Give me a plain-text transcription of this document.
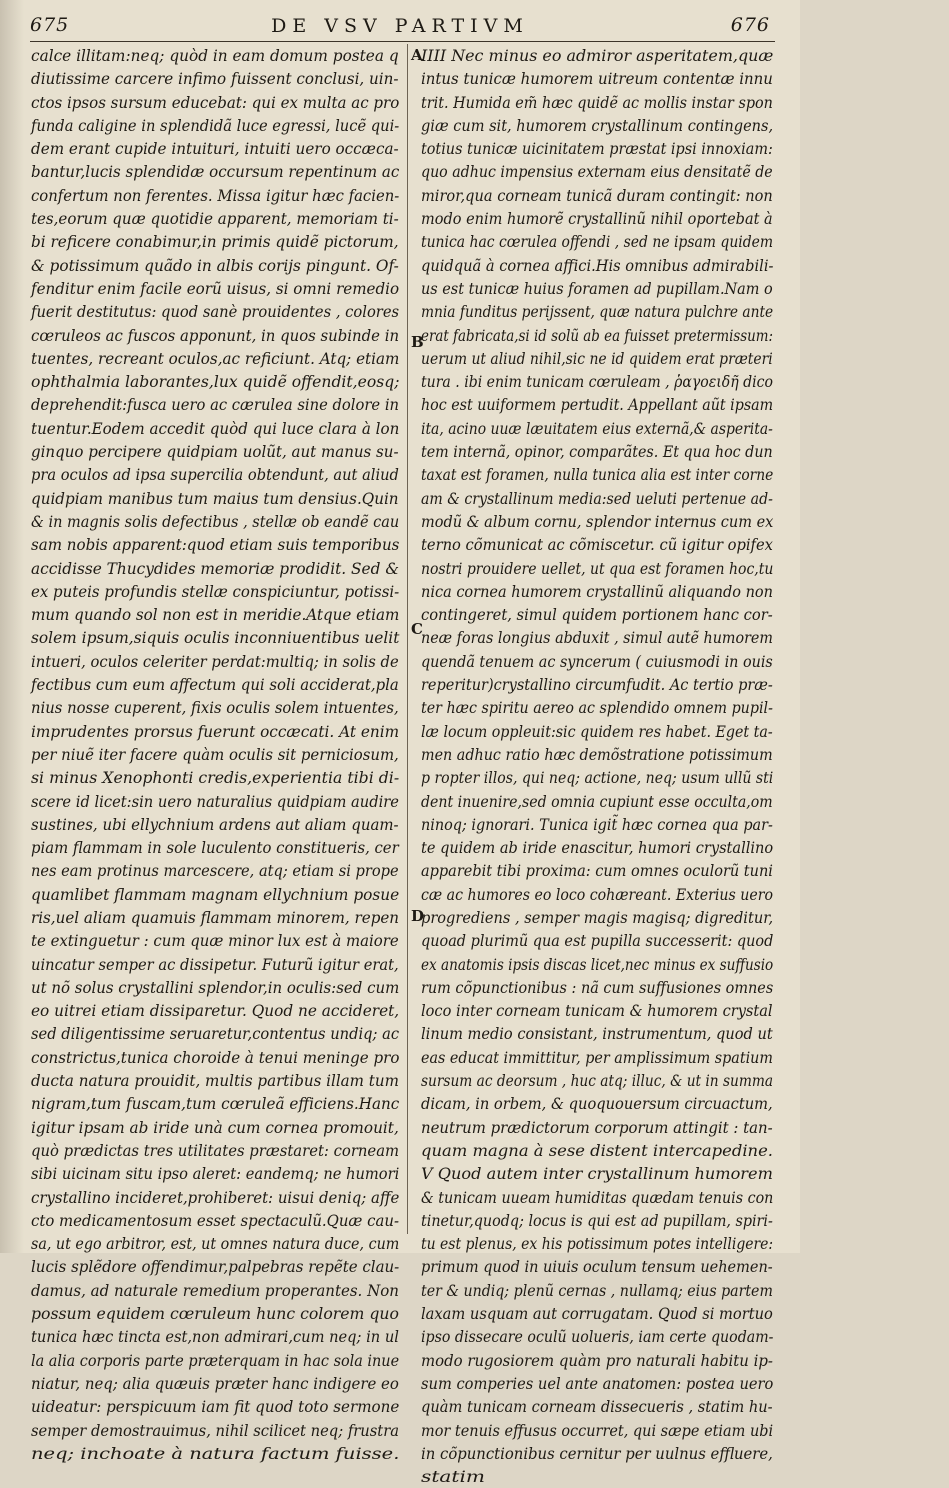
675	DE VSV PARTIVM	676
calce illitam:neq; quòd in eam domum postea q
diutissime carcere infimo fuissent conclusi, uin-
ctos ipsos sursum educebat: qui ex multa ac pro
funda caligine in splendidã luce egressi, lucẽ qui-
dem erant cupide intuituri, intuiti uero occæca-
bantur,lucis splendidæ occursum repentinum ac
confertum non ferentes. Missa igitur hæc facien-
tes,eorum quæ quotidie apparent, memoriam ti-
bi reficere conabimur,in primis quidẽ pictorum,
& potissimum quãdo in albis corijs pingunt. Of-
fenditur enim facile eorũ uisus, si omni remedio
fuerit destitutus: quod sanè prouidentes , colores
cœruleos ac fuscos apponunt, in quos subinde in
tuentes, recreant oculos,ac reficiunt. Atq; etiam
ophthalmia laborantes,lux quidẽ offendit,eosq;
deprehendit:fusca uero ac cærulea sine dolore in
tuentur.Eodem accedit quòd qui luce clara à lon
ginquo percipere quidpiam uolũt, aut manus su-
pra oculos ad ipsa supercilia obtendunt, aut aliud
quidpiam manibus tum maius tum densius.Quin
& in magnis solis defectibus , stellæ ob eandẽ cau
sam nobis apparent:quod etiam suis temporibus
accidisse Thucydides memoriæ prodidit. Sed &
ex puteis profundis stellæ conspiciuntur, potissi-
mum quando sol non est in meridie.Atque etiam
solem ipsum,siquis oculis inconniuentibus uelit
intueri, oculos celeriter perdat:multiq; in solis de
fectibus cum eum affectum qui soli acciderat,pla
nius nosse cuperent, fixis oculis solem intuentes,
imprudentes prorsus fuerunt occæcati. At enim
per niuẽ iter facere quàm oculis sit perniciosum,
si minus Xenophonti credis,experientia tibi di-
scere id licet:sin uero naturalius quidpiam audire
sustines, ubi ellychnium ardens aut aliam quam-
piam flammam in sole luculento constitueris, cer
nes eam protinus marcescere, atq; etiam si prope
quamlibet flammam magnam ellychnium posue
ris,uel aliam quamuis flammam minorem, repen
te extinguetur : cum quæ minor lux est à maiore
uincatur semper ac dissipetur. Futurũ igitur erat,
ut nõ solus crystallini splendor,in oculis:sed cum
eo uitrei etiam dissiparetur. Quod ne accideret,
sed diligentissime seruaretur,contentus undiq; ac
constrictus,tunica choroide à tenui meninge pro
ducta natura prouidit, multis partibus illam tum
nigram,tum fuscam,tum cœruleã efficiens.Hanc
igitur ipsam ab iride unà cum cornea promouit,
quò prædictas tres utilitates præstaret: corneam
sibi uicinam situ ipso aleret: eandemq; ne humori
crystallino incideret,prohiberet: uisui deniq; affe
cto medicamentosum esset spectaculũ.Quæ cau-
sa, ut ego arbitror, est, ut omnes natura duce, cum
lucis splẽdore offendimur,palpebras repẽte clau-
damus, ad naturale remedium properantes. Non
possum equidem cœruleum hunc colorem quo
tunica hæc tincta est,non admirari,cum neq; in ul
la alia corporis parte præterquam in hac sola inue
niatur, neq; alia quæuis præter hanc indigere eo
uideatur: perspicuum iam fit quod toto sermone
semper demostrauimus, nihil scilicet neq; frustra
neq; inchoate à natura factum fuisse.
IIII Nec minus eo admiror asperitatem,quæ
intus tunicæ humorem uitreum contentæ innu
trit. Humida em̃ hæc quidẽ ac mollis instar spon
giæ cum sit, humorem crystallinum contingens,
totius tunicæ uicinitatem præstat ipsi innoxiam:
quo adhuc impensius externam eius densitatẽ de
miror,qua corneam tunicã duram contingit: non
modo enim humorẽ crystallinũ nihil oportebat à
tunica hac cœrulea offendi , sed ne ipsam quidem
quidquã à cornea affici.His omnibus admirabili-
us est tunicæ huius foramen ad pupillam.Nam o
mnia funditus perijssent, quæ natura pulchre ante
erat fabricata,si id solũ ab ea fuisset pretermissum:
uerum ut aliud nihil,sic ne id quidem erat præteri
tura . ibi enim tunicam cœruleam , ῥαγοειδῆ dico
hoc est uuiformem pertudit. Appellant aũt ipsam
ita, acino uuæ læuitatem eius externã,& asperita-
tem internã, opinor, comparãtes. Et qua hoc dun
taxat est foramen, nulla tunica alia est inter corne
am & crystallinum media:sed ueluti pertenue ad-
modũ & album cornu, splendor internus cum ex
terno cõmunicat ac cõmiscetur. cũ igitur opifex
nostri prouidere uellet, ut qua est foramen hoc,tu
nica cornea humorem crystallinũ aliquando non
contingeret, simul quidem portionem hanc cor-
neæ foras longius abduxit , simul autẽ humorem
quendã tenuem ac syncerum ( cuiusmodi in ouis
reperitur)crystallino circumfudit. Ac tertio præ-
ter hæc spiritu aereo ac splendido omnem pupil-
læ locum oppleuit:sic quidem res habet. Eget ta-
men adhuc ratio hæc demõstratione potissimum
p ropter illos, qui neq; actione, neq; usum ullũ sti
dent inuenire,sed omnia cupiunt esse occulta,om
ninoq; ignorari. Tunica igit̃ hæc cornea qua par-
te quidem ab iride enascitur, humori crystallino
apparebit tibi proxima: cum omnes oculorũ tuni
cæ ac humores eo loco cohæreant. Exterius uero
progrediens , semper magis magisq; digreditur,
quoad plurimũ qua est pupilla successerit: quod
ex anatomis ipsis discas licet,nec minus ex suffusio
rum cõpunctionibus : nã cum suffusiones omnes
loco inter corneam tunicam & humorem crystal
linum medio consistant, instrumentum, quod ut
eas educat immittitur, per amplissimum spatium
sursum ac deorsum , huc atq; illuc, & ut in summa
dicam, in orbem, & quoquouersum circuactum,
neutrum prædictorum corporum attingit : tan-
quam magna à sese distent intercapedine.
V Quod autem inter crystallinum humorem
& tunicam uueam humiditas quædam tenuis con
tinetur,quodq; locus is qui est ad pupillam, spiri-
tu est plenus, ex his potissimum potes intelligere:
primum quod in uiuis oculum tensum uehemen-
ter & undiq; plenũ cernas , nullamq; eius partem
laxam usquam aut corrugatam. Quod si mortuo
ipso dissecare oculũ uolueris, iam certe quodam-
modo rugosiorem quàm pro naturali habitu ip-
sum comperies uel ante anatomen: postea uero
quàm tunicam corneam dissecueris , statim hu-
mor tenuis effusus occurret, qui sæpe etiam ubi
in cõpunctionibus cernitur per uulnus effluere,
statim
A
B
C
D
